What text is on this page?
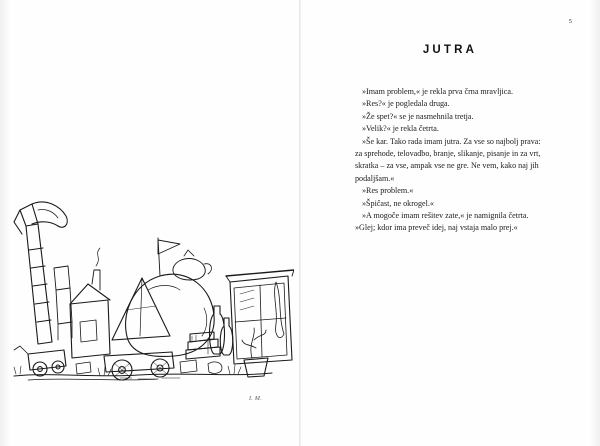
I. M.
5
JUTRA

»Imam problem,« je rekla prva črna mravljica.

»Res?« je pogledala druga.

»Že spet?« se je nasmehnila tretja.

»Velik?« je rekla četrta.

»Še kar. Tako rada imam jutra. Za vse so najbolj prava: za sprehode, telovadbo, branje, slikanje, pisanje in za vrt, skratka – za vse, ampak vse ne gre. Ne vem, kako naj jih podaljšam.«

»Res problem.«

»Špičast, ne okrogel.«

»A mogoče imam rešitev zate,« je namignila četrta. »Glej; kdor ima preveč idej, naj vstaja malo prej.«
